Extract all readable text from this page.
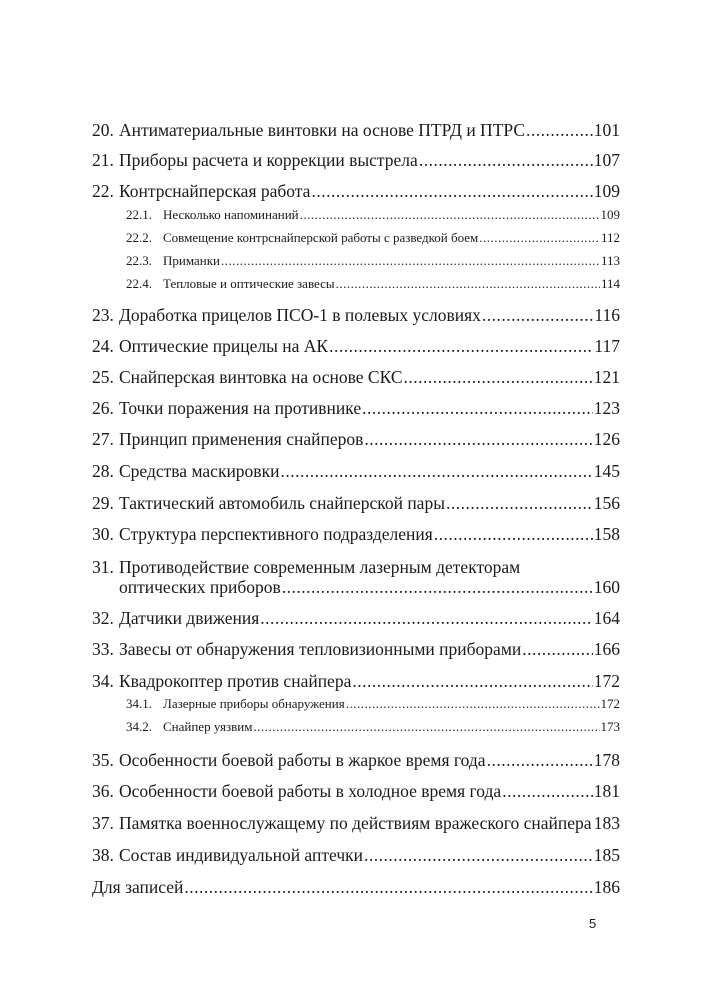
20. Антиматериальные винтовки на основе ПТРД и ПТРС .....	101
21. Приборы расчета и коррекции выстрела .....	107
22. Контрснайперская работа .....	109
22.1. Несколько напоминаний .....	109
22.2. Совмещение контрснайперской работы с разведкой боем .....	112
22.3. Приманки .....	113
22.4. Тепловые и оптические завесы .....	114
23. Доработка прицелов ПСО-1 в полевых условиях .....	116
24. Оптические прицелы на АК .....	117
25. Снайперская винтовка на основе СКС .....	121
26. Точки поражения на противнике .....	123
27. Принцип применения снайперов .....	126
28. Средства маскировки .....	145
29. Тактический автомобиль снайперской пары .....	156
30. Структура перспективного подразделения .....	158
31. Противодействие современным лазерным детекторам
оптических приборов .....	160
32. Датчики движения .....	164
33. Завесы от обнаружения тепловизионными приборами .....	166
34. Квадрокоптер против снайпера .....	172
34.1. Лазерные приборы обнаружения .....	172
34.2. Снайпер уязвим .....	173
35. Особенности боевой работы в жаркое время года .....	178
36. Особенности боевой работы в холодное время года .....	181
37. Памятка военнослужащему по действиям вражеского снайпера ..... 183
38. Состав индивидуальной аптечки .....	185
Для записей .....	186
5
